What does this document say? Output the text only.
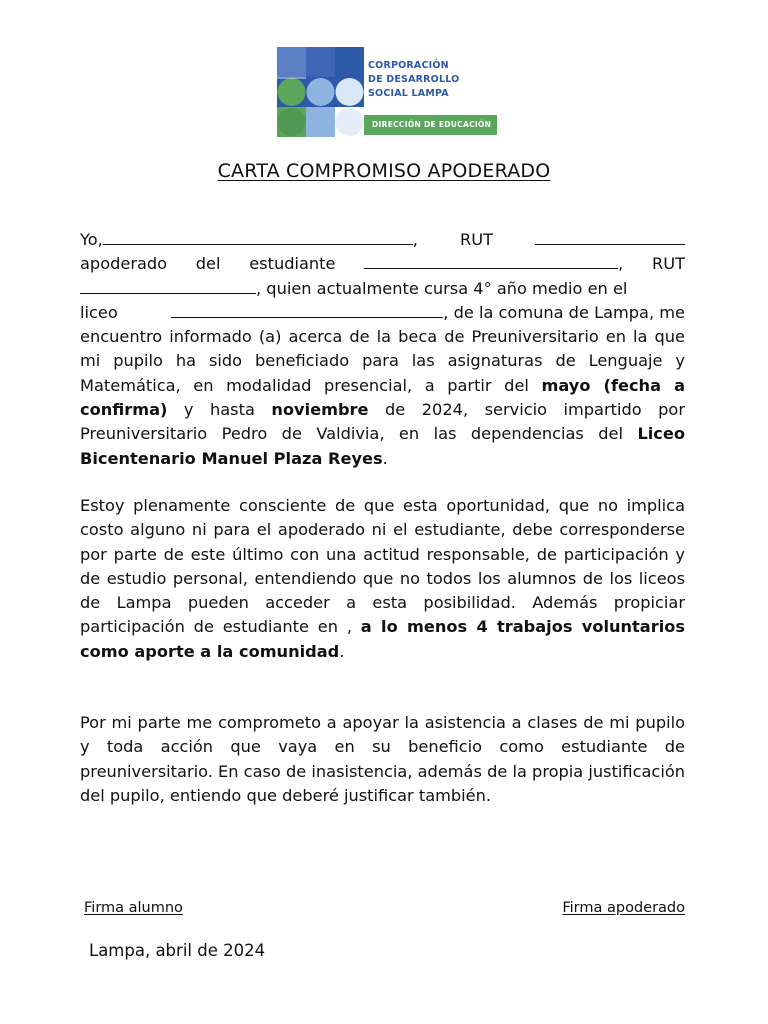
CORPORACIÓN
DE DESARROLLO
SOCIAL LAMPA
DIRECCIÓN DE EDUCACIÓN
CARTA COMPROMISO APODERADO
Yo,	,	RUT
apoderado del estudiante	, RUT
, quien actualmente cursa 4° año medio en el
liceo	, de la comuna de Lampa, me
encuentro informado (a) acerca de la beca de Preuniversitario en la que mi pupilo ha sido beneficiado para las asignaturas de Lenguaje y Matemática, en modalidad presencial, a partir del mayo (fecha a confirma) y hasta noviembre de 2024, servicio impartido por Preuniversitario Pedro de Valdivia, en las dependencias del Liceo Bicentenario Manuel Plaza Reyes.
Estoy plenamente consciente de que esta oportunidad, que no implica costo alguno ni para el apoderado ni el estudiante, debe corresponderse por parte de este último con una actitud responsable, de participación y de estudio personal, entendiendo que no todos los alumnos de los liceos de Lampa pueden acceder a esta posibilidad. Además propiciar participación de estudiante en , a lo menos 4 trabajos voluntarios como aporte a la comunidad.
Por mi parte me comprometo a apoyar la asistencia a clases de mi pupilo y toda acción que vaya en su beneficio como estudiante de preuniversitario. En caso de inasistencia, además de la propia justificación del pupilo, entiendo que deberé justificar también.
Firma alumno	Firma apoderado
Lampa, abril de 2024
